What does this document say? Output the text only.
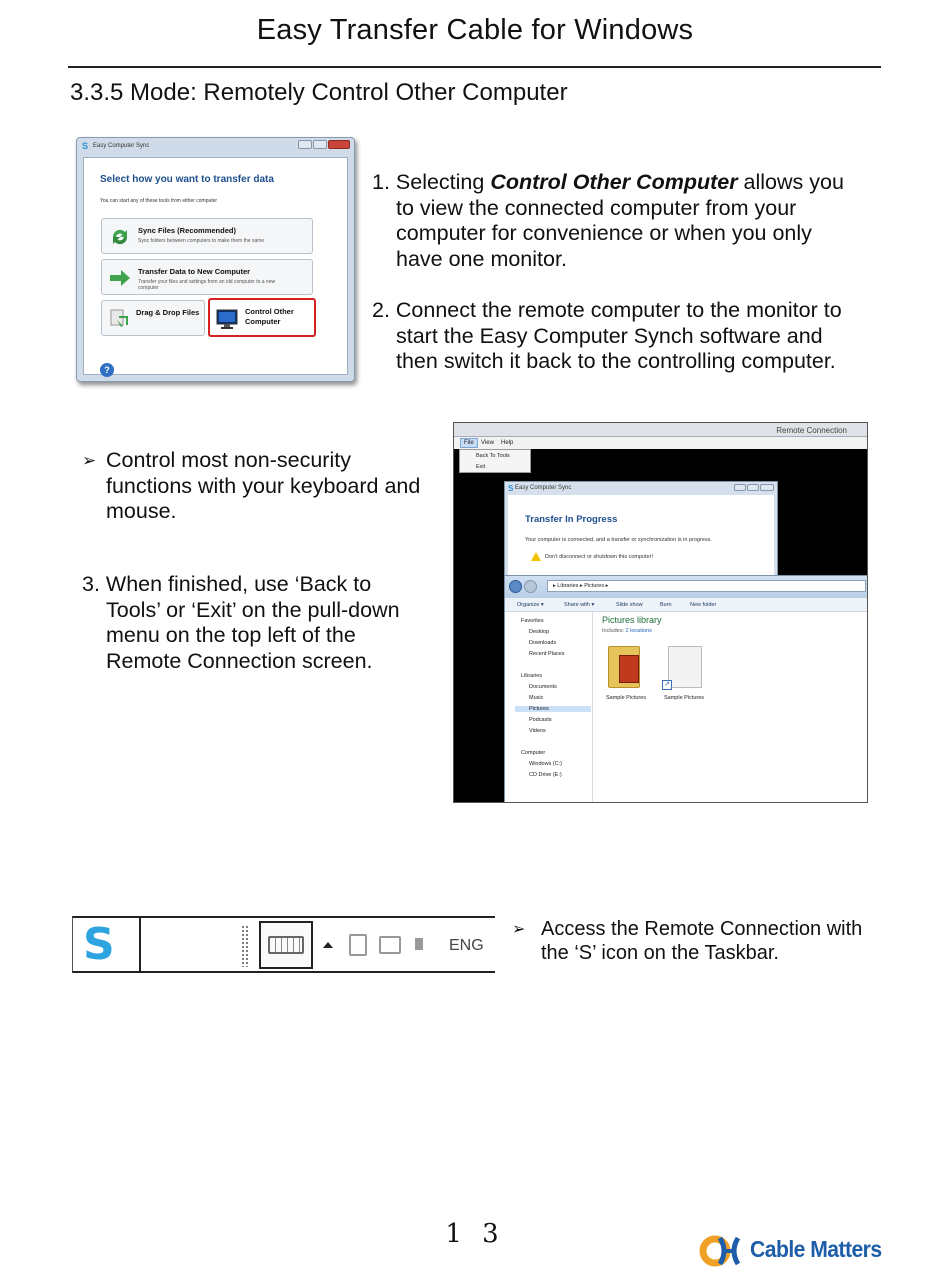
Easy Transfer Cable for Windows
3.3.5 Mode: Remotely Control Other Computer
S Easy Computer Sync
Select how you want to transfer data
You can start any of these tools from either computer
Sync Files (Recommended)
Sync folders between computers to make them the same
Transfer Data to New Computer
Transfer your files and settings from an old computer to a new computer
Drag & Drop Files	Control Other Computer
?
1. Selecting Control Other Computer allows you
to view the connected computer from your
computer for convenience or when you only
have one monitor.
2. Connect the remote computer to the monitor to
start the Easy Computer Synch software and
then switch it back to the controlling computer.
➢ Control most non-security
functions with your keyboard and
mouse.
3. When finished, use ‘Back to
Tools’ or ‘Exit’ on the pull-down
menu on the top left of the
Remote Connection screen.
Remote Connection
File	View Help
Back To Tools
Exit
S Easy Computer Sync
Transfer In Progress
Your computer is connected, and a transfer or synchronization is in progress.
Don't disconnect or shutdown this computer!
▸ Libraries ▸ Pictures ▸
Organize ▾	Share with ▾	Slide show	Burn	New folder
Favorites
Desktop
Downloads
Recent Places
Libraries
Documents
Music
Pictures
Podcasts
Videos
Computer
Windows (C:)
CD Drive (E:)
Pictures library
Includes: 2 locations
Sample Pictures
↗
Sample Pictures
S	ENG
➢ Access the Remote Connection with
the ‘S’ icon on the Taskbar.
1 3	Cable Matters
